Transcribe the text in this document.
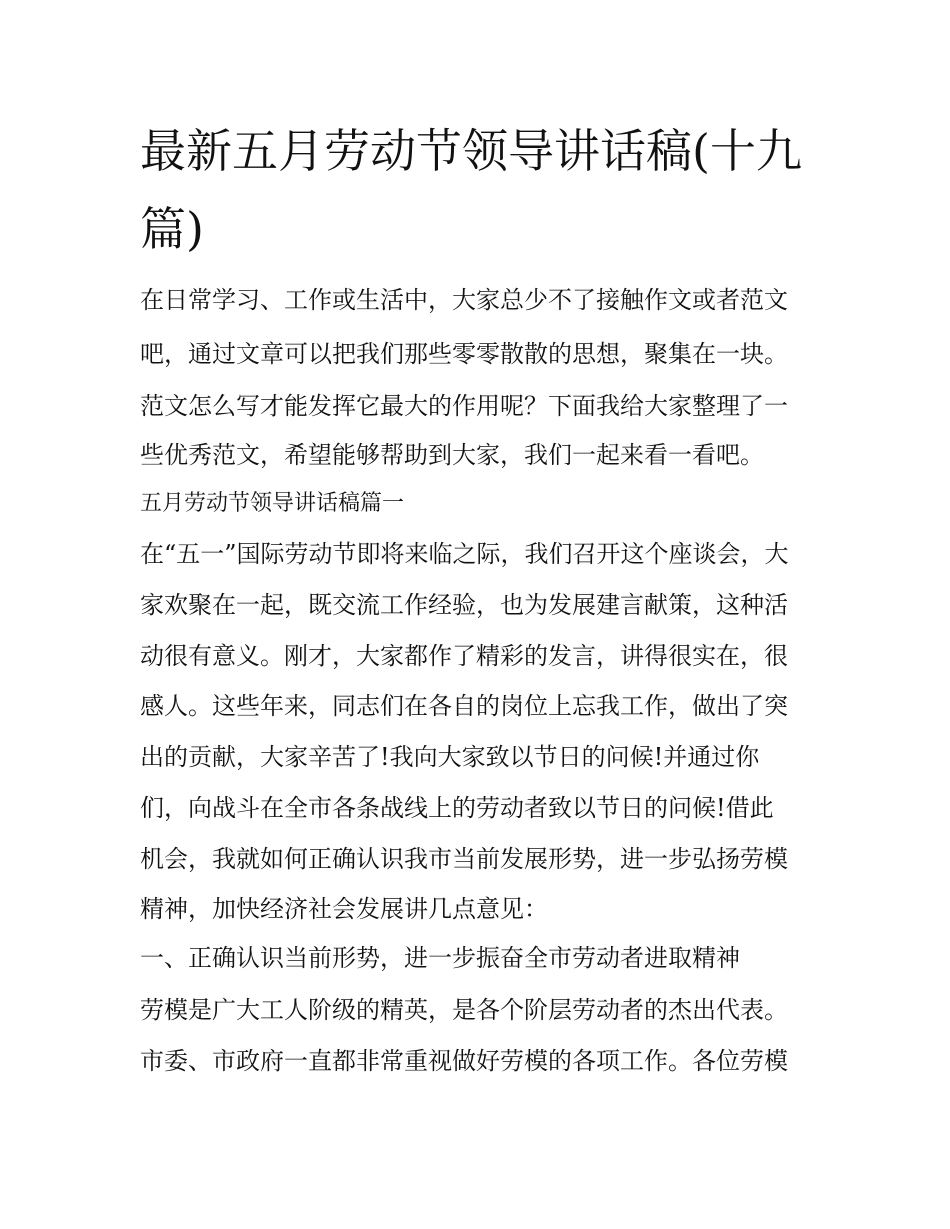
最新五月劳动节领导讲话稿(十九篇)

在日常学习、工作或生活中，大家总少不了接触作文或者范文

吧，通过文章可以把我们那些零零散散的思想，聚集在一块。

范文怎么写才能发挥它最大的作用呢？下面我给大家整理了一

些优秀范文，希望能够帮助到大家，我们一起来看一看吧。

五月劳动节领导讲话稿篇一

在“五一”国际劳动节即将来临之际，我们召开这个座谈会，大

家欢聚在一起，既交流工作经验，也为发展建言献策，这种活

动很有意义。刚才，大家都作了精彩的发言，讲得很实在，很

感人。这些年来，同志们在各自的岗位上忘我工作，做出了突

出的贡献，大家辛苦了!我向大家致以节日的问候!并通过你

们，向战斗在全市各条战线上的劳动者致以节日的问候!借此

机会，我就如何正确认识我市当前发展形势，进一步弘扬劳模

精神，加快经济社会发展讲几点意见：

一、正确认识当前形势，进一步振奋全市劳动者进取精神

劳模是广大工人阶级的精英，是各个阶层劳动者的杰出代表。

市委、市政府一直都非常重视做好劳模的各项工作。各位劳模
